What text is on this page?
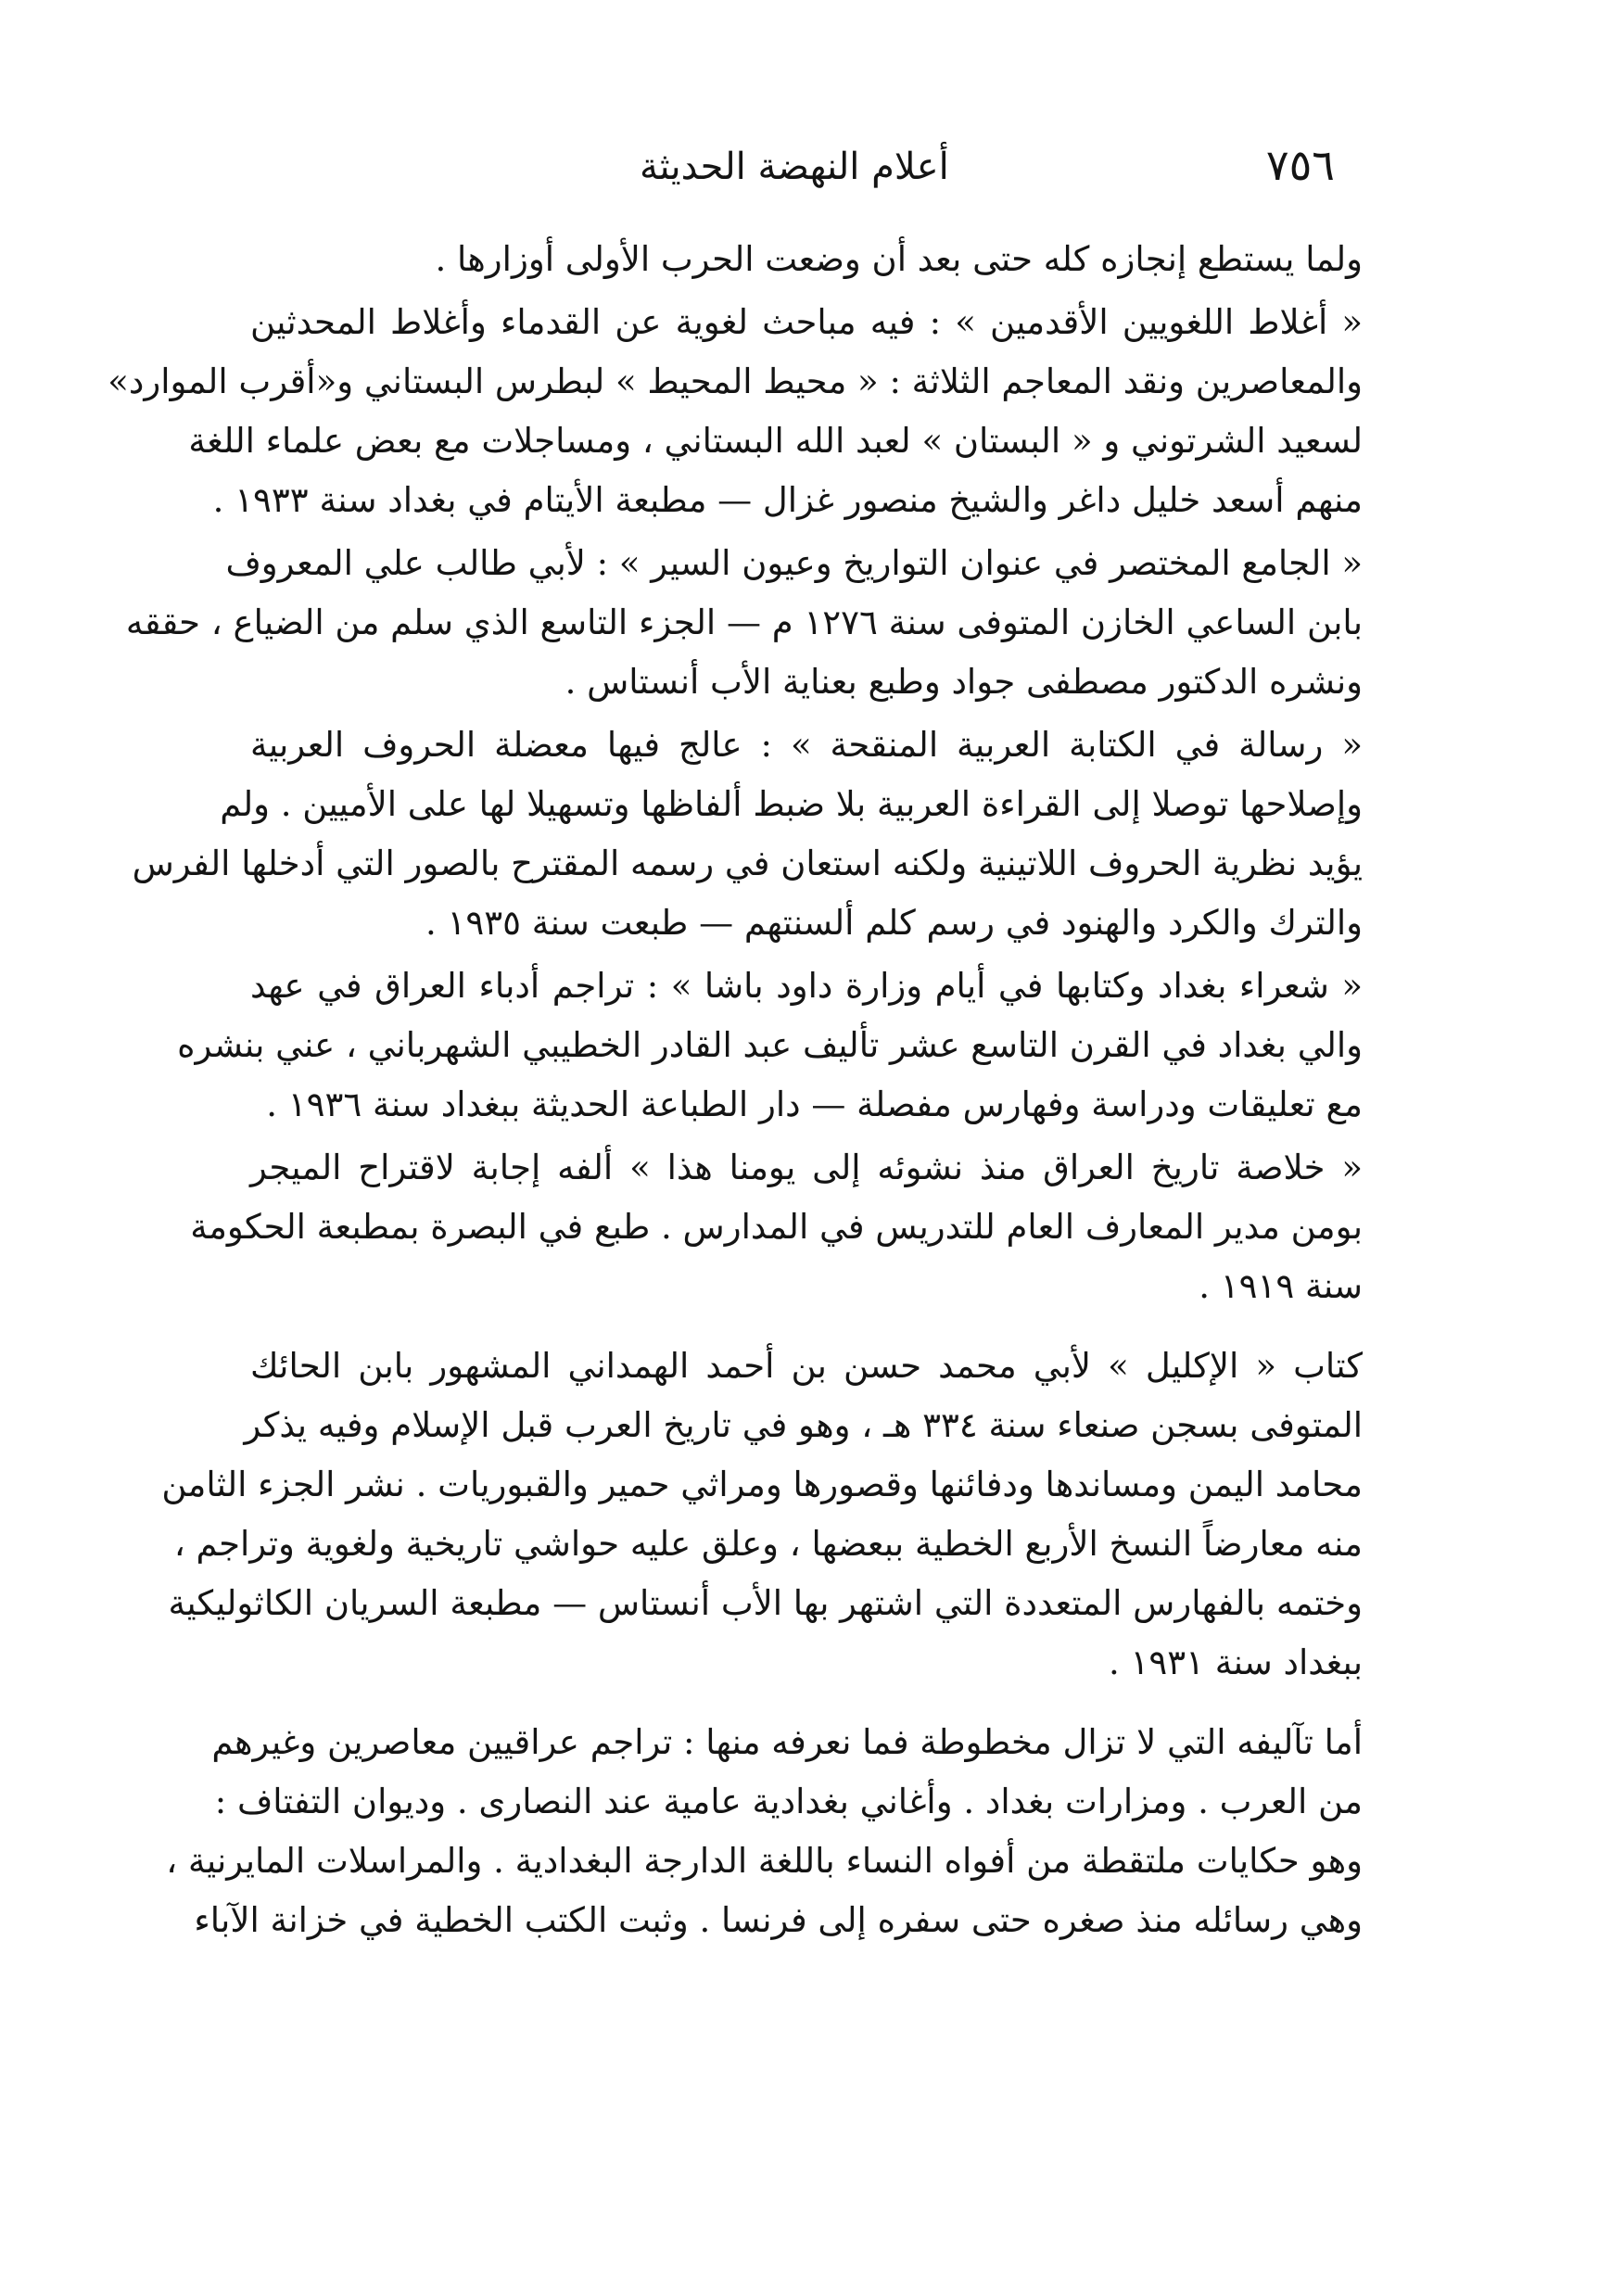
أعلام النهضة الحديثة	٧٥٦
ولما يستطع إنجازه كله حتى بعد أن وضعت الحرب الأولى أوزارها .
« أغلاط اللغويين الأقدمين » : فيه مباحث لغوية عن القدماء وأغلاط المحدثين
والمعاصرين ونقد المعاجم الثلاثة : « محيط المحيط » لبطرس البستاني و«أقرب الموارد»
لسعيد الشرتوني و « البستان » لعبد الله البستاني ، ومساجلات مع بعض علماء اللغة
منهم أسعد خليل داغر والشيخ منصور غزال — مطبعة الأيتام في بغداد سنة ١٩٣٣ .
« الجامع المختصر في عنوان التواريخ وعيون السير » : لأبي طالب علي المعروف
بابن الساعي الخازن المتوفى سنة ١٢٧٦ م — الجزء التاسع الذي سلم من الضياع ، حققه
ونشره الدكتور مصطفى جواد وطبع بعناية الأب أنستاس .
« رسالة في الكتابة العربية المنقحة » : عالج فيها معضلة الحروف العربية
وإصلاحها توصلا إلى القراءة العربية بلا ضبط ألفاظها وتسهيلا لها على الأميين . ولم
يؤيد نظرية الحروف اللاتينية ولكنه استعان في رسمه المقترح بالصور التي أدخلها الفرس
والترك والكرد والهنود في رسم كلم ألسنتهم — طبعت سنة ١٩٣٥ .
« شعراء بغداد وكتابها في أيام وزارة داود باشا » : تراجم أدباء العراق في عهد
والي بغداد في القرن التاسع عشر تأليف عبد القادر الخطيبي الشهرباني ، عني بنشره
مع تعليقات ودراسة وفهارس مفصلة — دار الطباعة الحديثة ببغداد سنة ١٩٣٦ .
« خلاصة تاريخ العراق منذ نشوئه إلى يومنا هذا » ألفه إجابة لاقتراح الميجر
بومن مدير المعارف العام للتدريس في المدارس . طبع في البصرة بمطبعة الحكومة
سنة ١٩١٩ .
كتاب « الإكليل » لأبي محمد حسن بن أحمد الهمداني المشهور بابن الحائك
المتوفى بسجن صنعاء سنة ٣٣٤ هـ ، وهو في تاريخ العرب قبل الإسلام وفيه يذكر
محامد اليمن ومساندها ودفائنها وقصورها ومراثي حمير والقبوريات . نشر الجزء الثامن
منه معارضاً النسخ الأربع الخطية ببعضها ، وعلق عليه حواشي تاريخية ولغوية وتراجم ،
وختمه بالفهارس المتعددة التي اشتهر بها الأب أنستاس — مطبعة السريان الكاثوليكية
ببغداد سنة ١٩٣١ .
أما تآليفه التي لا تزال مخطوطة فما نعرفه منها : تراجم عراقيين معاصرين وغيرهم
من العرب . ومزارات بغداد . وأغاني بغدادية عامية عند النصارى . وديوان التفتاف :
وهو حكايات ملتقطة من أفواه النساء باللغة الدارجة البغدادية . والمراسلات المايرنية ،
وهي رسائله منذ صغره حتى سفره إلى فرنسا . وثبت الكتب الخطية في خزانة الآباء
